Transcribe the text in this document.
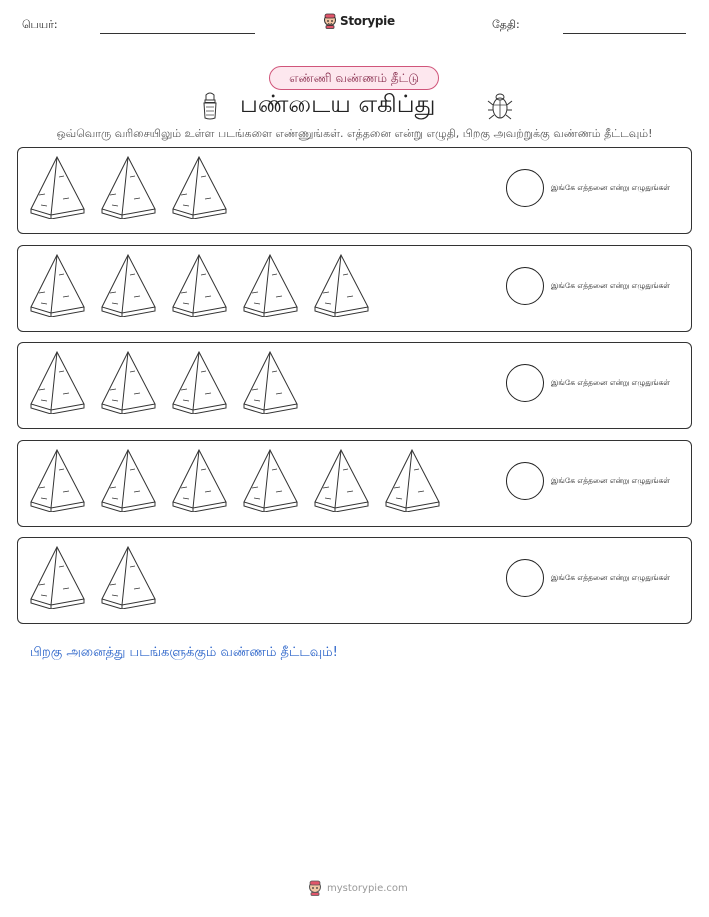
பெயர்:	Storypie	தேதி:
எண்ணி வண்ணம் தீட்டு
பண்டைய எகிப்து
ஒவ்வொரு வரிசையிலும் உள்ள படங்களை எண்ணுங்கள். எத்தனை என்று எழுதி, பிறகு அவற்றுக்கு வண்ணம் தீட்டவும்!
இங்கே எத்தனை என்று எழுதுங்கள்
இங்கே எத்தனை என்று எழுதுங்கள்
இங்கே எத்தனை என்று எழுதுங்கள்
இங்கே எத்தனை என்று எழுதுங்கள்
இங்கே எத்தனை என்று எழுதுங்கள்
பிறகு அனைத்து படங்களுக்கும் வண்ணம் தீட்டவும்!
mystorypie.com
